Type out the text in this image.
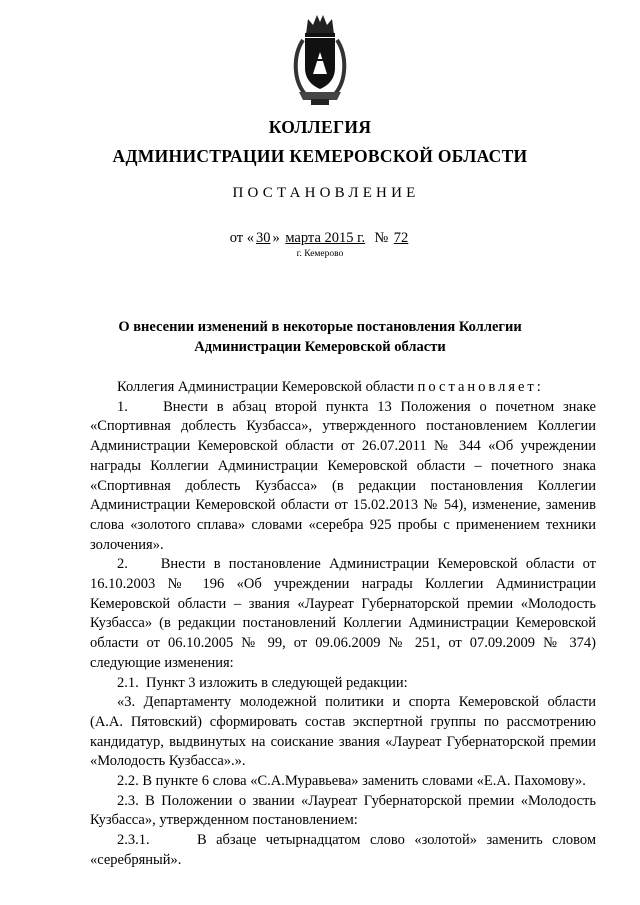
КОЛЛЕГИЯ
АДМИНИСТРАЦИИ КЕМЕРОВСКОЙ ОБЛАСТИ
ПОСТАНОВЛЕНИЕ
от « 30 » марта 2015 г. № 72
г. Кемерово
О внесении изменений в некоторые постановления Коллегии
Администрации Кемеровской области

Коллегия Администрации Кемеровской области постановляет:

1.    Внести в абзац второй пункта 13 Положения о почетном знаке «Спортивная доблесть Кузбасса», утвержденного постановлением Коллегии Администрации Кемеровской области от 26.07.2011 № 344 «Об учреждении награды Коллегии Администрации Кемеровской области – почетного знака «Спортивная доблесть Кузбасса» (в редакции постановления Коллегии Администрации Кемеровской области от 15.02.2013 № 54), изменение, заменив слова «золотого сплава» словами «серебра 925 пробы с применением техники золочения».

2.    Внести в постановление Администрации Кемеровской области от 16.10.2003 № 196 «Об учреждении награды Коллегии Администрации Кемеровской области – звания «Лауреат Губернаторской премии «Молодость Кузбасса» (в редакции постановлений Коллегии Администрации Кемеровской области от 06.10.2005 № 99, от 09.06.2009 № 251, от 07.09.2009 № 374) следующие изменения:

2.1.  Пункт 3 изложить в следующей редакции:

«3. Департаменту молодежной политики и спорта Кемеровской области (А.А. Пятовский) сформировать состав экспертной группы по рассмотрению кандидатур, выдвинутых на соискание звания «Лауреат Губернаторской премии «Молодость Кузбасса».».

2.2. В пункте 6 слова «С.А.Муравьева» заменить словами «Е.А. Пахомову».

2.3. В Положении о звании «Лауреат Губернаторской премии «Молодость Кузбасса», утвержденном постановлением:

2.3.1.     В абзаце четырнадцатом слово «золотой» заменить словом «серебряный».
